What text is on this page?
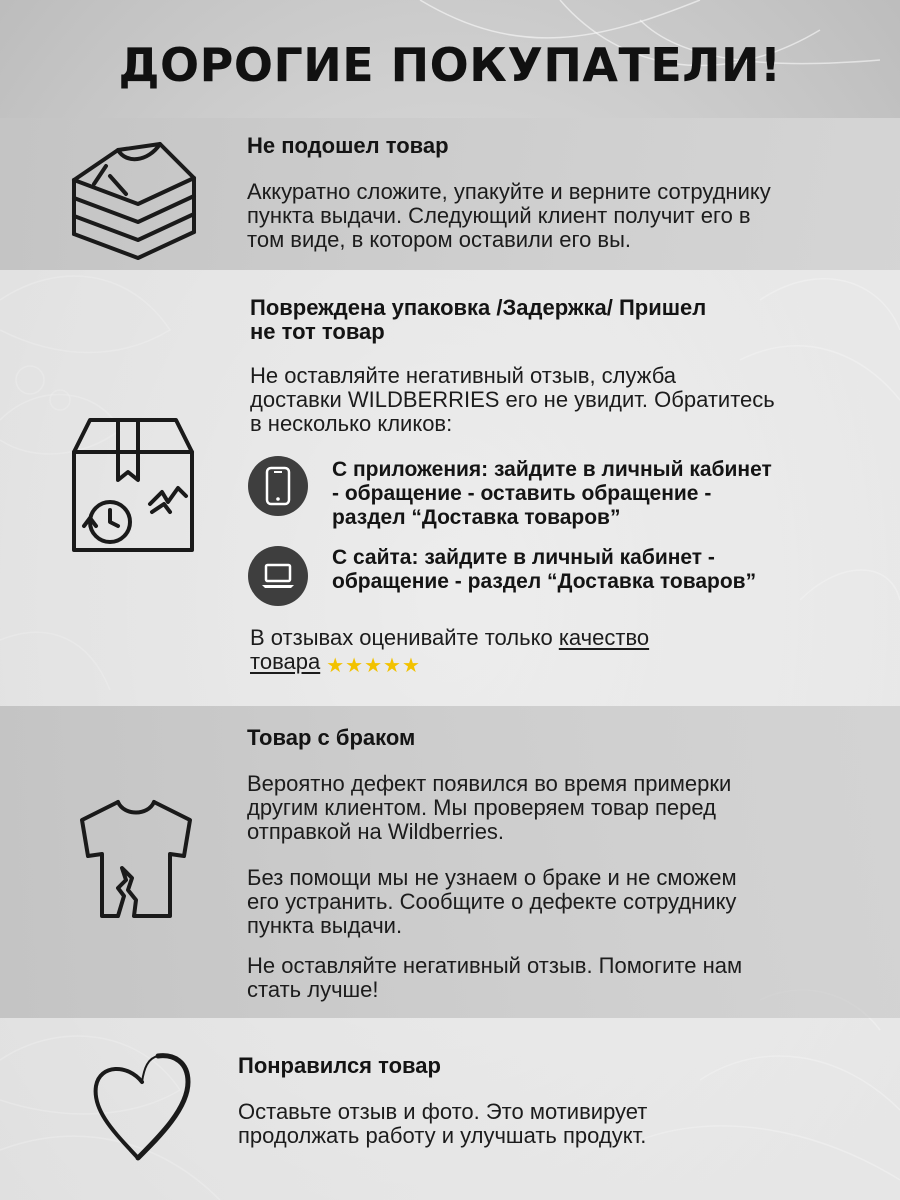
ДОРОГИЕ ПОКУПАТЕЛИ!
Не подошел товар
Аккуратно сложите, упакуйте и верните сотруднику
пункта выдачи. Следующий клиент получит его в
том виде, в котором оставили его вы.
Повреждена упаковка /Задержка/ Пришел
не тот товар
Не оставляйте негативный отзыв, служба
доставки WILDBERRIES его не увидит. Обратитесь
в несколько кликов:
С приложения: зайдите в личный кабинет
- обращение - оставить обращение -
раздел “Доставка товаров”
С сайта: зайдите в личный кабинет -
обращение - раздел “Доставка товаров”
В отзывах оценивайте только качество
товара ★★★★★
Товар с браком
Вероятно дефект появился во время примерки
другим клиентом. Мы проверяем товар перед
отправкой на Wildberries.
Без помощи мы не узнаем о браке и не сможем
его устранить. Сообщите о дефекте сотруднику
пункта выдачи.
Не оставляйте негативный отзыв. Помогите нам
стать лучше!
Понравился товар
Оставьте отзыв и фото. Это мотивирует
продолжать работу и улучшать продукт.
